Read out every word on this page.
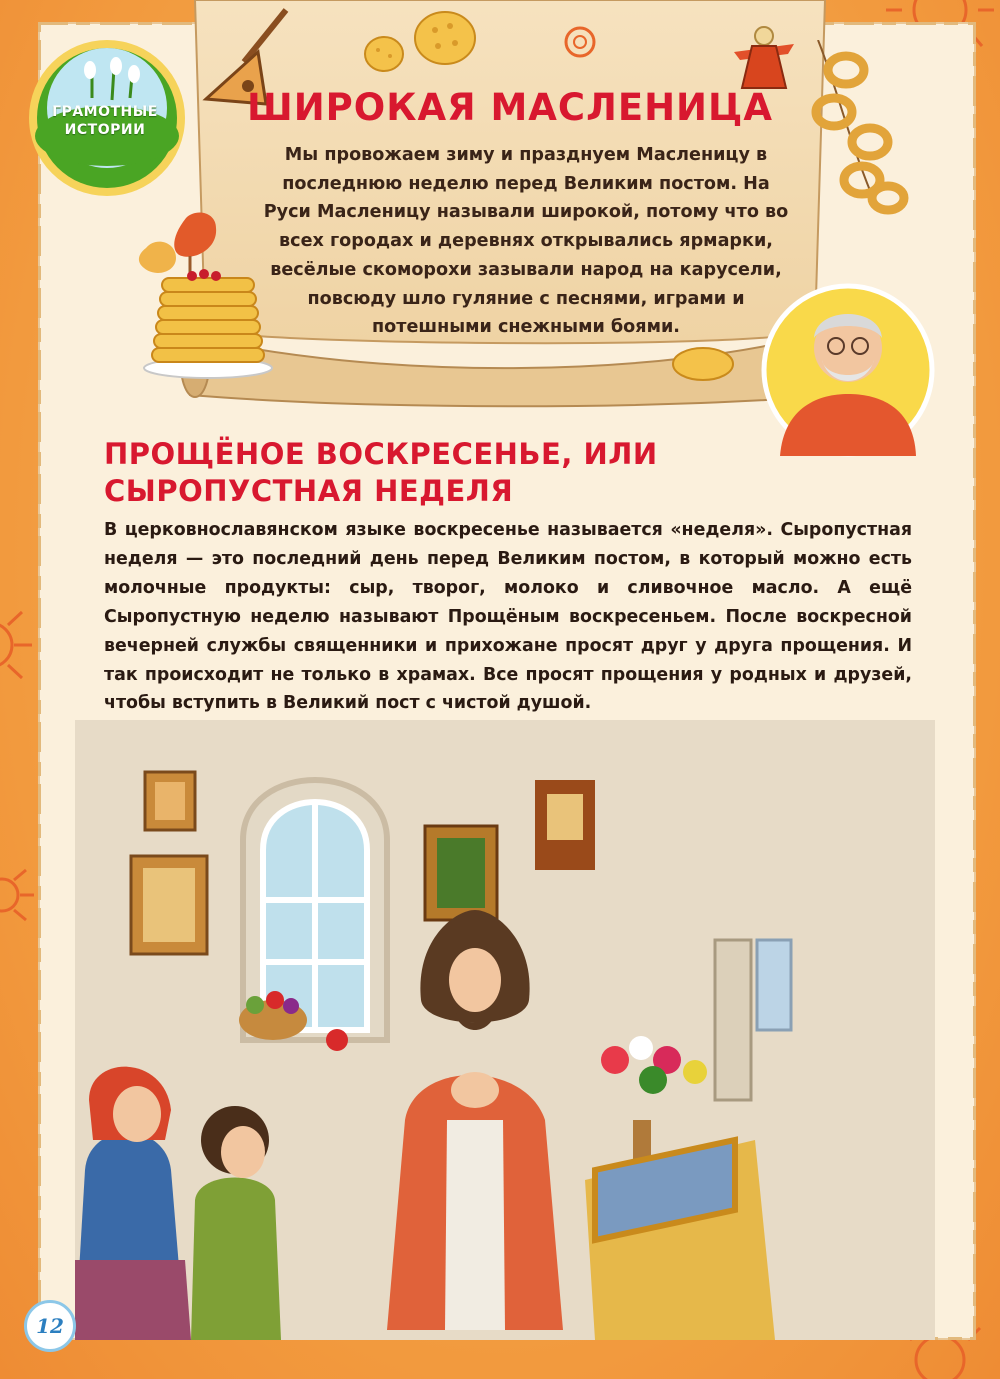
ГРАМОТНЫЕ
ИСТОРИИ
ШИРОКАЯ МАСЛЕНИЦА

Мы провожаем зиму и празднуем Масленицу в последнюю неделю перед Великим постом. На Руси Масленицу называли широкой, потому что во всех городах и деревнях открывались ярмарки, весёлые скоморохи зазывали народ на карусели, повсюду шло гуляние с песнями, играми и потешными снежными боями.

ПРОЩЁНОЕ ВОСКРЕСЕНЬЕ, ИЛИ
СЫРОПУСТНАЯ НЕДЕЛЯ

В церковнославянском языке воскресенье называется «неделя». Сыропустная неделя — это последний день перед Великим постом, в который можно есть молочные продукты: сыр, творог, молоко и сливочное масло. А ещё Сыропустную неделю называют Прощёным воскресеньем. После воскресной вечерней службы священники и прихожане просят друг у друга прощения. И так происходит не только в храмах. Все просят прощения у родных и друзей, чтобы вступить в Великий пост с чистой душой.

12
